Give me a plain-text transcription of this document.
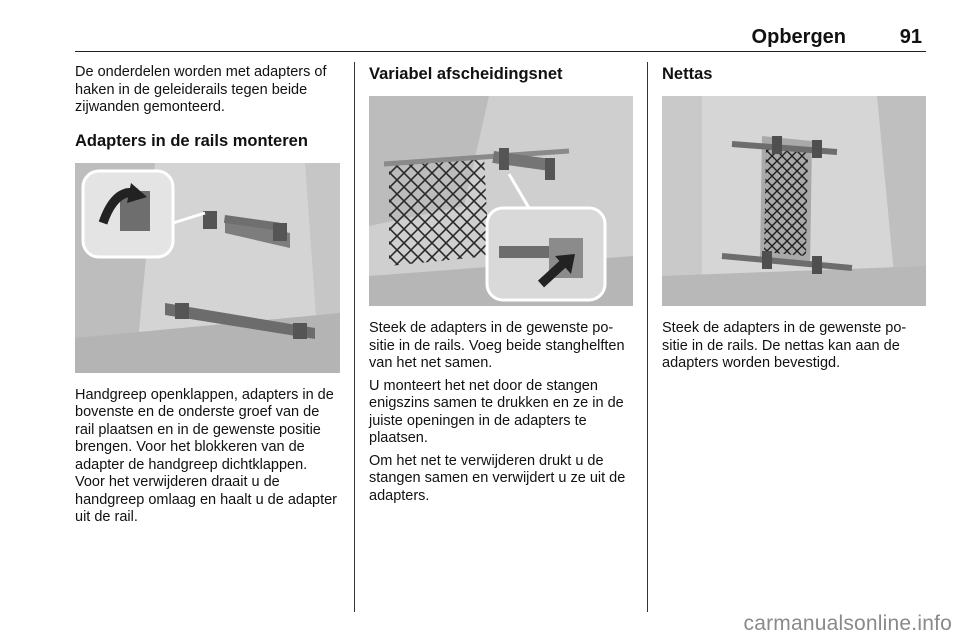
Opbergen	91

De onderdelen worden met adapters of haken in de geleiderails tegen beide zijwanden gemonteerd.

Adapters in de rails monteren

Handgreep openklappen, adapters in de bovenste en de onderste groef van de rail plaatsen en in de gewenste positie brengen. Voor het blokkeren van de adapter de handgreep dichtklappen. Voor het verwijderen draait u de handgreep omlaag en haalt u de adapter uit de rail.

Variabel afscheidingsnet

Steek de adapters in de gewenste positie in de rails. Voeg beide stanghelften van het net samen.

U monteert het net door de stangen enigszins samen te drukken en ze in de juiste openingen in de adapters te plaatsen.

Om het net te verwijderen drukt u de stangen samen en verwijdert u ze uit de adapters.

Nettas

Steek de adapters in de gewenste positie in de rails. De nettas kan aan de adapters worden bevestigd.

carmanualsonline.info
